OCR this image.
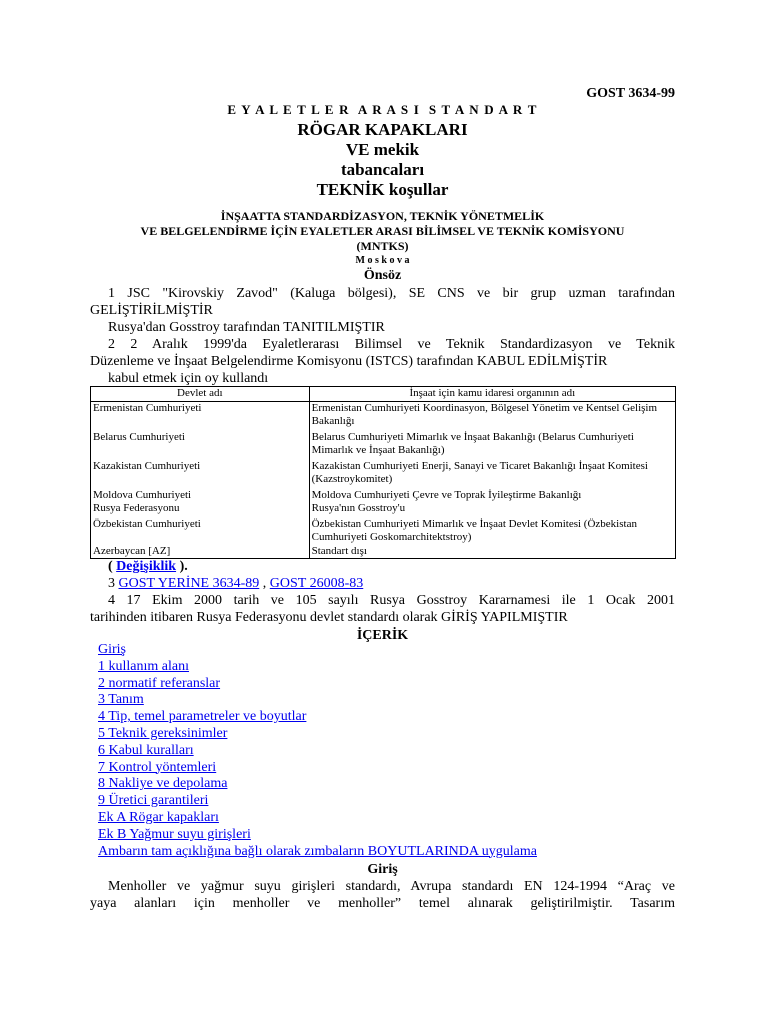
GOST 3634-99
E Y A L E T L E R  A R A S I  S T A N D A R T
RÖGAR KAPAKLARI
VE mekik
tabancaları
TEKNİK koşullar
İNŞAATTA STANDARDİZASYON, TEKNİK YÖNETMELİK
VE BELGELENDİRME İÇİN EYALETLER ARASI BİLİMSEL VE TEKNİK KOMİSYONU
(MNTKS)
M o s k o v a
Önsöz
1 JSC "Kirovskiy Zavod" (Kaluga bölgesi), SE CNS ve bir grup uzman tarafından
GELİŞTİRİLMİŞTİR
Rusya'dan Gosstroy tarafından TANITILMIŞTIR
2 2 Aralık 1999'da Eyaletlerarası Bilimsel ve Teknik Standardizasyon ve Teknik
Düzenleme ve İnşaat Belgelendirme Komisyonu (ISTCS) tarafından KABUL EDİLMİŞTİR
kabul etmek için oy kullandı
Devlet adı	İnşaat için kamu idaresi organının adı
Ermenistan Cumhuriyeti	Ermenistan Cumhuriyeti Koordinasyon, Bölgesel Yönetim ve Kentsel Gelişim Bakanlığı
Belarus Cumhuriyeti	Belarus Cumhuriyeti Mimarlık ve İnşaat Bakanlığı (Belarus Cumhuriyeti Mimarlık ve İnşaat Bakanlığı)
Kazakistan Cumhuriyeti	Kazakistan Cumhuriyeti Enerji, Sanayi ve Ticaret Bakanlığı İnşaat Komitesi (Kazstroykomitet)
Moldova Cumhuriyeti	Moldova Cumhuriyeti Çevre ve Toprak İyileştirme Bakanlığı
Rusya Federasyonu	Rusya'nın Gosstroy'u
Özbekistan Cumhuriyeti	Özbekistan Cumhuriyeti Mimarlık ve İnşaat Devlet Komitesi (Özbekistan Cumhuriyeti Goskomarchitektstroy)
Azerbaycan [AZ]	Standart dışı
( Değişiklik ).
3 GOST YERİNE 3634-89 , GOST 26008-83
4 17 Ekim 2000 tarih ve 105 sayılı Rusya Gosstroy Kararnamesi ile 1 Ocak 2001
tarihinden itibaren Rusya Federasyonu devlet standardı olarak GİRİŞ YAPILMIŞTIR
İÇERİK
Giriş
1 kullanım alanı
2 normatif referanslar
3 Tanım
4 Tip, temel parametreler ve boyutlar
5 Teknik gereksinimler
6 Kabul kuralları
7 Kontrol yöntemleri
8 Nakliye ve depolama
9 Üretici garantileri
Ek A Rögar kapakları
Ek B Yağmur suyu girişleri
Ambarın tam açıklığına bağlı olarak zımbaların BOYUTLARINDA uygulama
Giriş
Menholler ve yağmur suyu girişleri standardı, Avrupa standardı EN 124-1994 “Araç ve
yaya alanları için menholler ve menholler” temel alınarak geliştirilmiştir. Tasarım
